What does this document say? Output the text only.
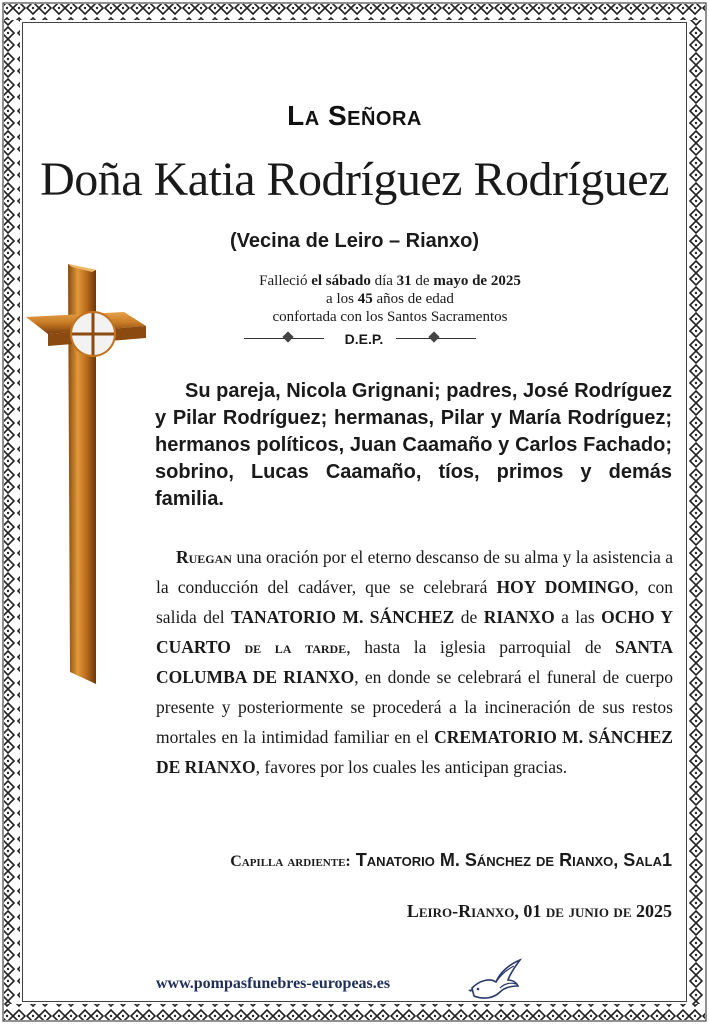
La Señora
Doña Katia Rodríguez Rodríguez
(Vecina de Leiro – Rianxo)
Falleció el sábado día 31 de mayo de 2025
a los 45 años de edad
confortada con los Santos Sacramentos
D.E.P.
Su pareja, Nicola Grignani; padres, José Rodríguez y Pilar Rodríguez; hermanas, Pilar y María Rodríguez; hermanos políticos, Juan Caamaño y Carlos Fachado; sobrino, Lucas Caamaño, tíos, primos y demás familia.
Ruegan una oración por el eterno descanso de su alma y la asistencia a la conducción del cadáver, que se celebrará HOY DOMINGO, con salida del TANATORIO M. SÁNCHEZ de RIANXO a las OCHO Y CUARTO de la tarde, hasta la iglesia parroquial de SANTA COLUMBA DE RIANXO, en donde se celebrará el funeral de cuerpo presente y posteriormente se procederá a la incineración de sus restos mortales en la intimidad familiar en el CREMATORIO M. SÁNCHEZ DE RIANXO, favores por los cuales les anticipan gracias.
Capilla ardiente: Tanatorio M. Sánchez de Rianxo, Sala1
Leiro-Rianxo, 01 de junio de 2025
www.pompasfunebres-europeas.es
